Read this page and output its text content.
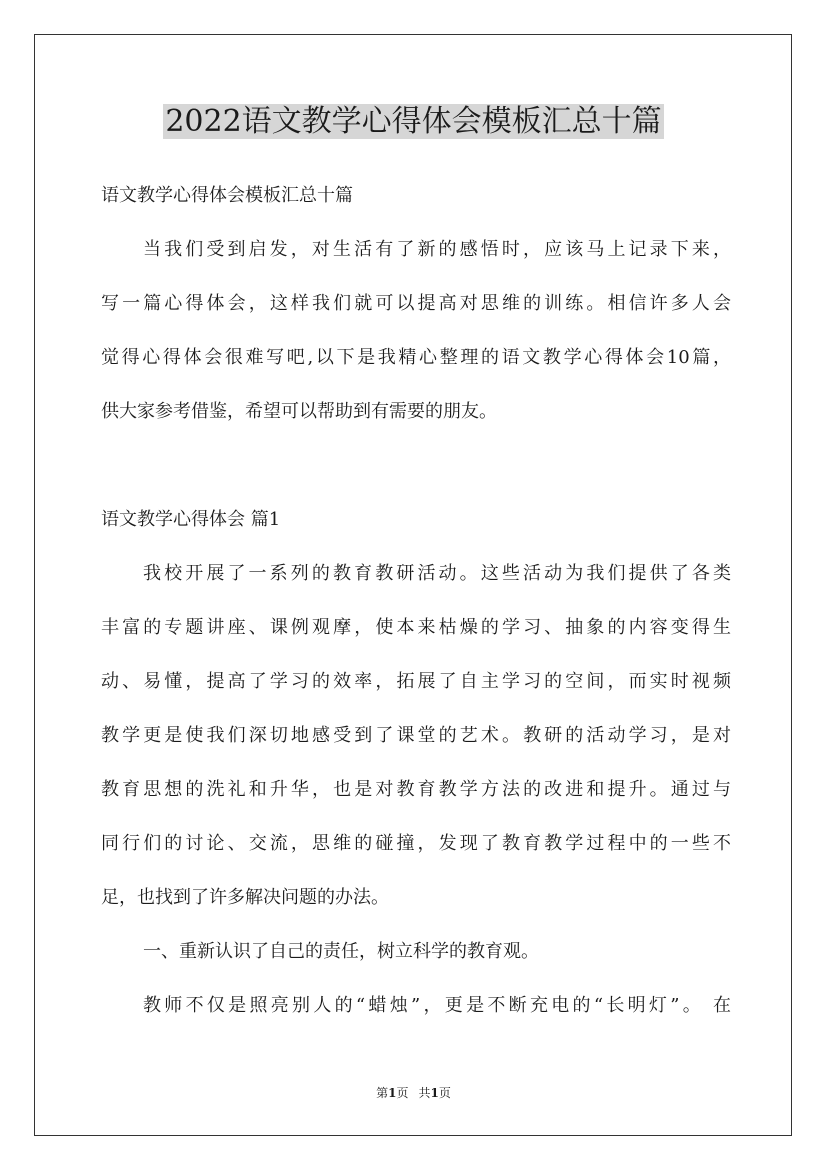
2022语文教学心得体会模板汇总十篇

语文教学心得体会模板汇总十篇

当我们受到启发，对生活有了新的感悟时，应该马上记录下来，

写一篇心得体会，这样我们就可以提高对思维的训练。相信许多人会

觉得心得体会很难写吧,以下是我精心整理的语文教学心得体会10篇，

供大家参考借鉴，希望可以帮助到有需要的朋友。

语文教学心得体会 篇1

我校开展了一系列的教育教研活动。这些活动为我们提供了各类

丰富的专题讲座、课例观摩，使本来枯燥的学习、抽象的内容变得生

动、易懂，提高了学习的效率，拓展了自主学习的空间，而实时视频

教学更是使我们深切地感受到了课堂的艺术。教研的活动学习，是对

教育思想的洗礼和升华，也是对教育教学方法的改进和提升。通过与

同行们的讨论、交流，思维的碰撞，发现了教育教学过程中的一些不

足，也找到了许多解决问题的办法。

一、重新认识了自己的责任，树立科学的教育观。

教师不仅是照亮别人的“蜡烛”，更是不断充电的“长明灯”。 在

第1页 共1页
